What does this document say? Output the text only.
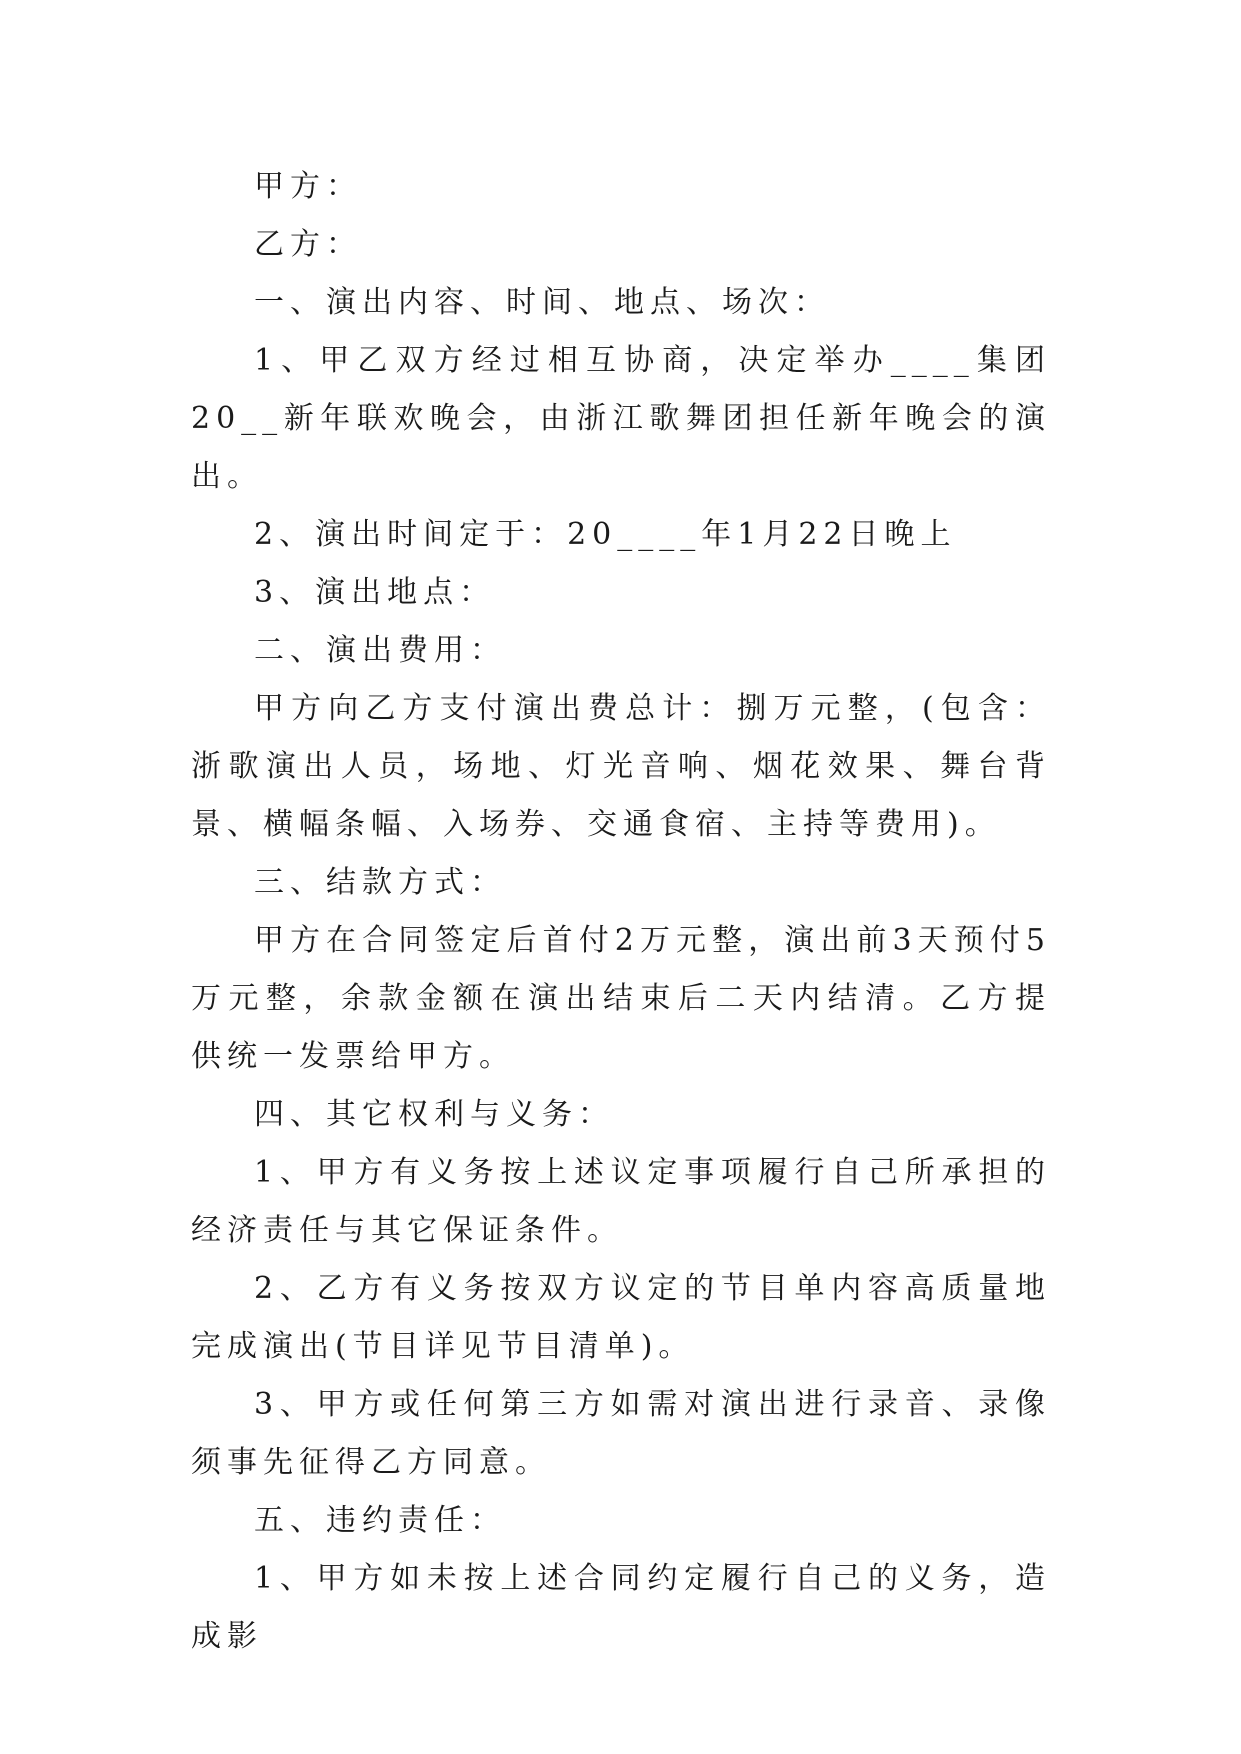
甲方：

乙方：

一、演出内容、时间、地点、场次：

1、甲乙双方经过相互协商，决定举办____集团20__新年联欢晚会，由浙江歌舞团担任新年晚会的演出。

2、演出时间定于：20____年1月22日晚上

3、演出地点：

二、演出费用：

甲方向乙方支付演出费总计：捌万元整，(包含：浙歌演出人员，场地、灯光音响、烟花效果、舞台背景、横幅条幅、入场券、交通食宿、主持等费用)。

三、结款方式：

甲方在合同签定后首付2万元整，演出前3天预付5万元整，余款金额在演出结束后二天内结清。乙方提供统一发票给甲方。

四、其它权利与义务：

1、甲方有义务按上述议定事项履行自己所承担的经济责任与其它保证条件。

2、乙方有义务按双方议定的节目单内容高质量地完成演出(节目详见节目清单)。

3、甲方或任何第三方如需对演出进行录音、录像须事先征得乙方同意。

五、违约责任：

1、甲方如未按上述合同约定履行自己的义务，造成影
